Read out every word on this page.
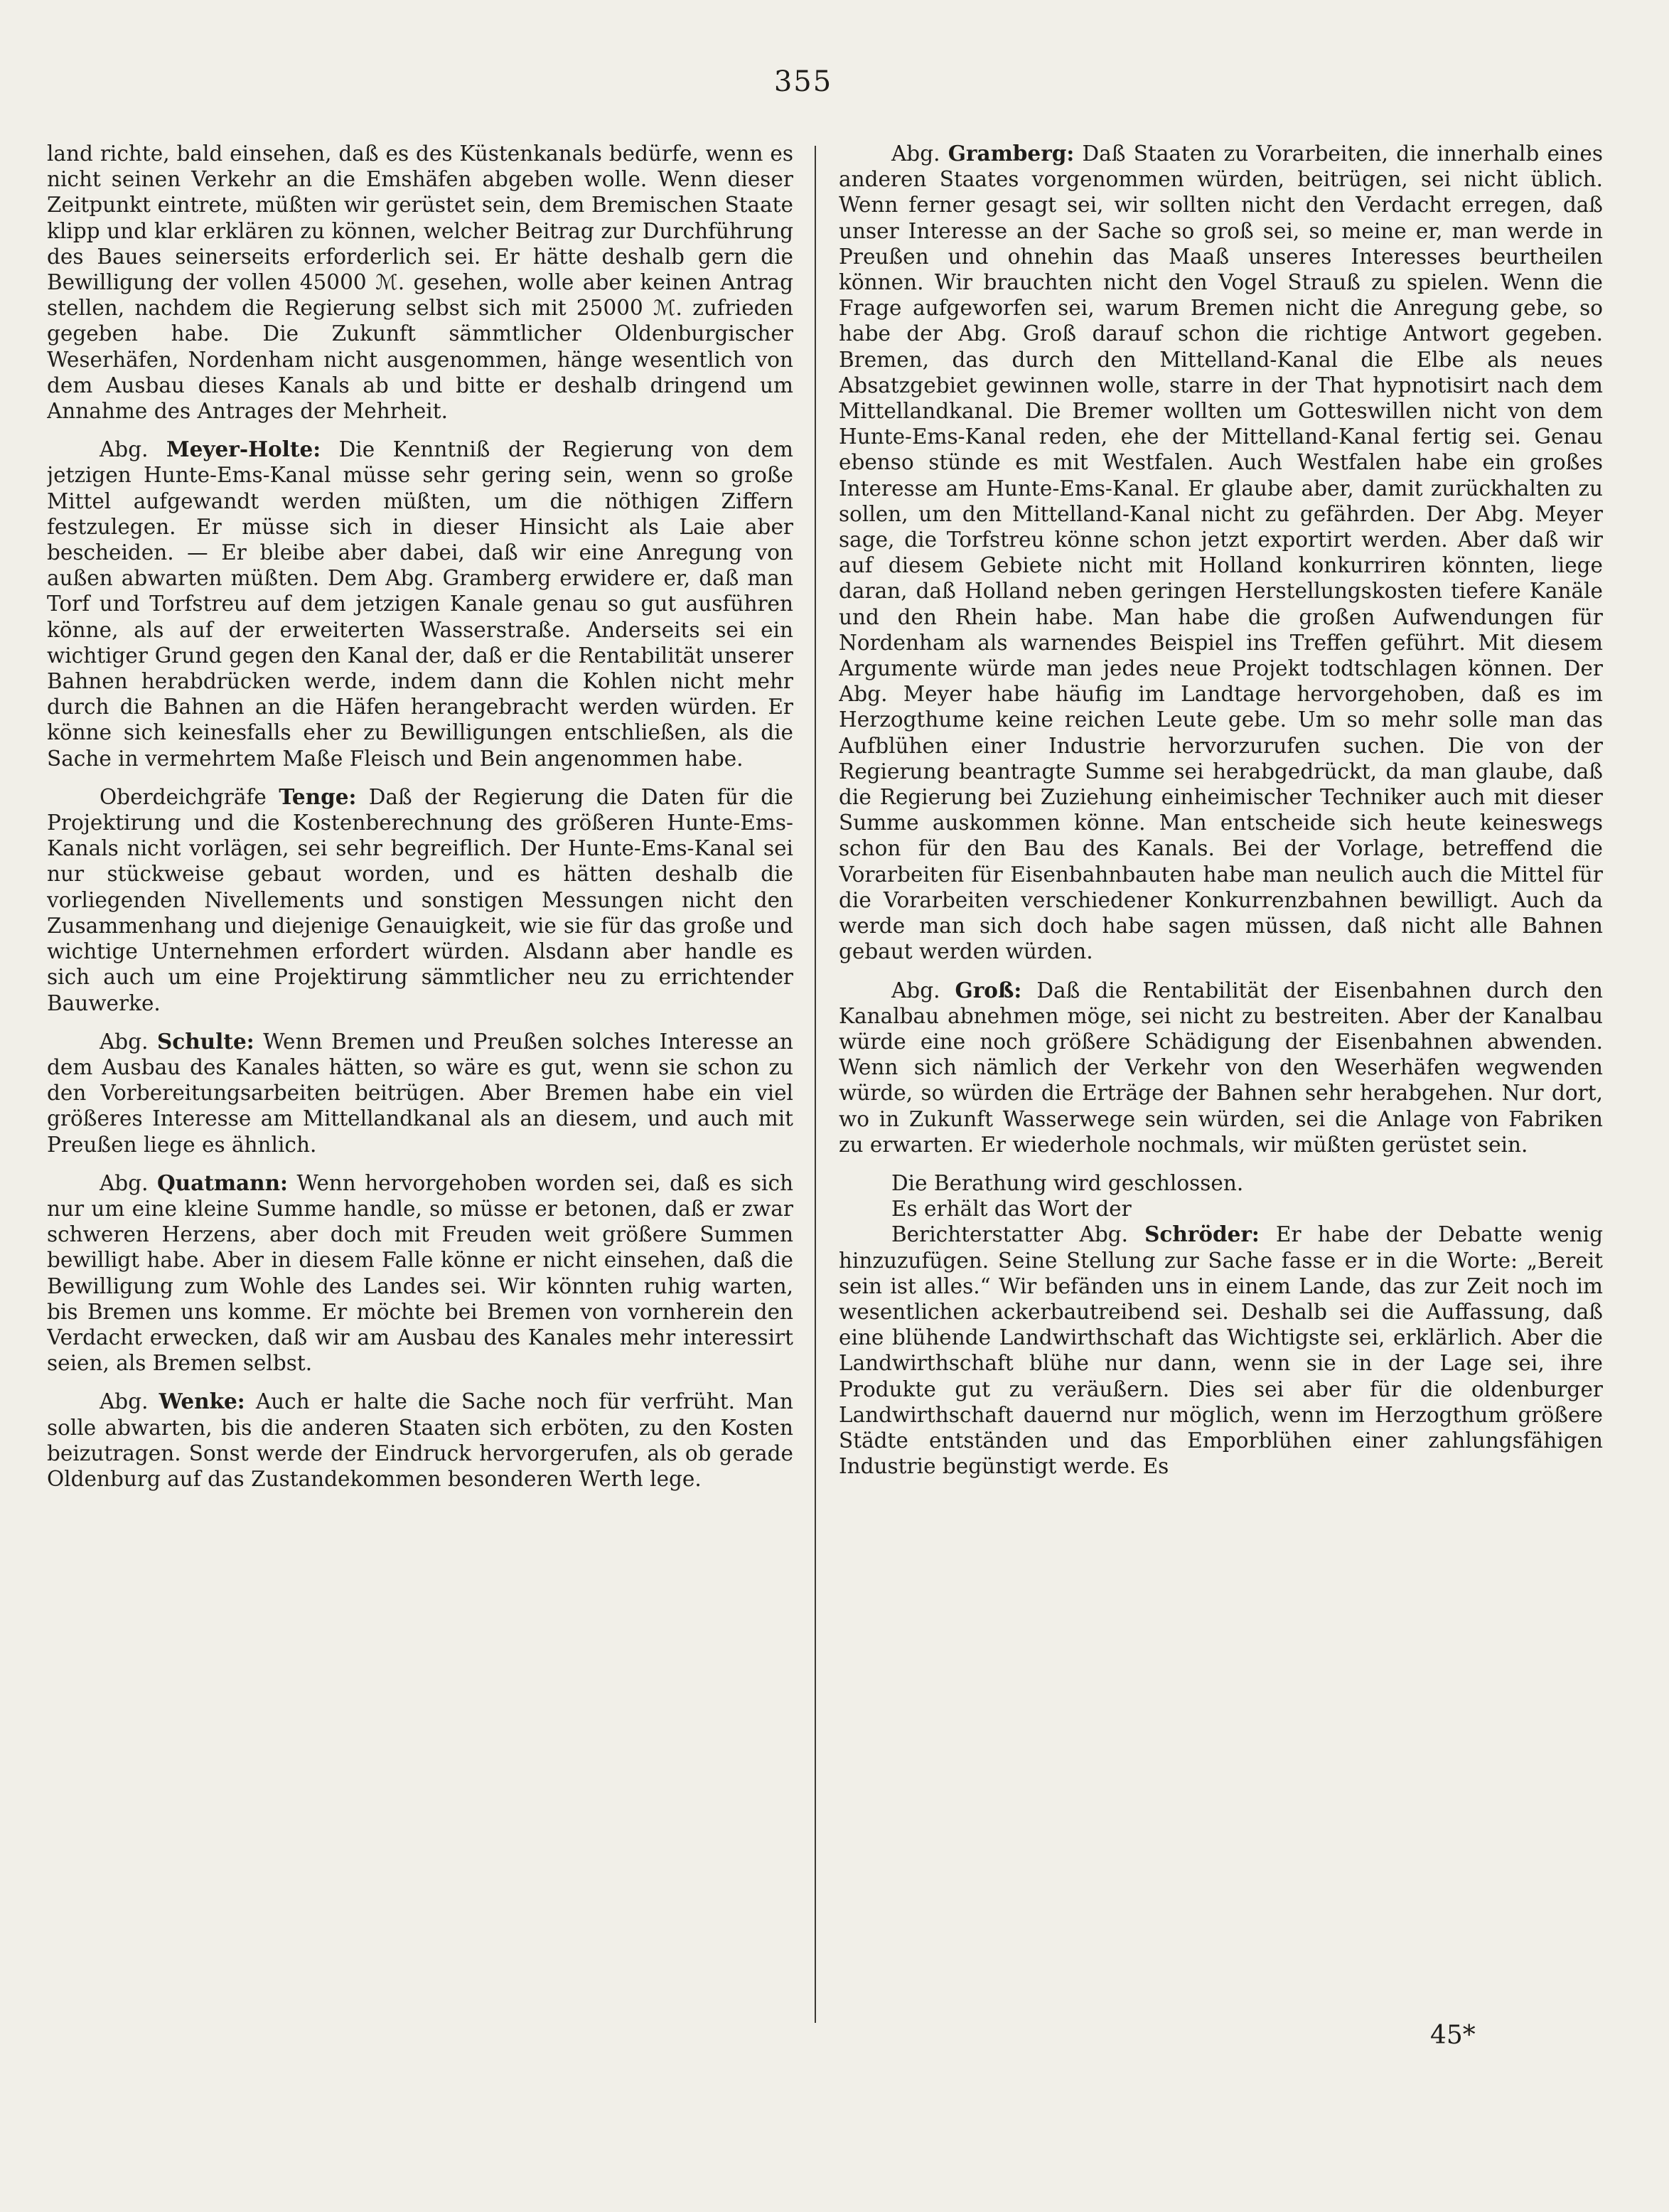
355

land richte, bald einsehen, daß es des Küstenkanals bedürfe, wenn es nicht seinen Verkehr an die Emshäfen abgeben wolle. Wenn dieser Zeitpunkt eintrete, müßten wir gerüstet sein, dem Bremischen Staate klipp und klar erklären zu können, welcher Beitrag zur Durchführung des Baues seinerseits erforderlich sei. Er hätte deshalb gern die Bewilligung der vollen 45000 ℳ. gesehen, wolle aber keinen Antrag stellen, nachdem die Regierung selbst sich mit 25000 ℳ. zufrieden gegeben habe. Die Zukunft sämmtlicher Oldenburgischer Weserhäfen, Nordenham nicht ausgenommen, hänge wesentlich von dem Ausbau dieses Kanals ab und bitte er deshalb dringend um Annahme des Antrages der Mehrheit.

Abg. Meyer-Holte: Die Kenntniß der Regierung von dem jetzigen Hunte-Ems-Kanal müsse sehr gering sein, wenn so große Mittel aufgewandt werden müßten, um die nöthigen Ziffern festzulegen. Er müsse sich in dieser Hinsicht als Laie aber bescheiden. — Er bleibe aber dabei, daß wir eine Anregung von außen abwarten müßten. Dem Abg. Gramberg erwidere er, daß man Torf und Torfstreu auf dem jetzigen Kanale genau so gut ausführen könne, als auf der erweiterten Wasserstraße. Anderseits sei ein wichtiger Grund gegen den Kanal der, daß er die Rentabilität unserer Bahnen herabdrücken werde, indem dann die Kohlen nicht mehr durch die Bahnen an die Häfen herangebracht werden würden. Er könne sich keinesfalls eher zu Bewilligungen entschließen, als die Sache in vermehrtem Maße Fleisch und Bein angenommen habe.

Oberdeichgräfe Tenge: Daß der Regierung die Daten für die Projektirung und die Kostenberechnung des größeren Hunte-Ems-Kanals nicht vorlägen, sei sehr begreiflich. Der Hunte-Ems-Kanal sei nur stückweise gebaut worden, und es hätten deshalb die vorliegenden Nivellements und sonstigen Messungen nicht den Zusammenhang und diejenige Genauigkeit, wie sie für das große und wichtige Unternehmen erfordert würden. Alsdann aber handle es sich auch um eine Projektirung sämmtlicher neu zu errichtender Bauwerke.

Abg. Schulte: Wenn Bremen und Preußen solches Interesse an dem Ausbau des Kanales hätten, so wäre es gut, wenn sie schon zu den Vorbereitungsarbeiten beitrügen. Aber Bremen habe ein viel größeres Interesse am Mittellandkanal als an diesem, und auch mit Preußen liege es ähnlich.

Abg. Quatmann: Wenn hervorgehoben worden sei, daß es sich nur um eine kleine Summe handle, so müsse er betonen, daß er zwar schweren Herzens, aber doch mit Freuden weit größere Summen bewilligt habe. Aber in diesem Falle könne er nicht einsehen, daß die Bewilligung zum Wohle des Landes sei. Wir könnten ruhig warten, bis Bremen uns komme. Er möchte bei Bremen von vornherein den Verdacht erwecken, daß wir am Ausbau des Kanales mehr interessirt seien, als Bremen selbst.

Abg. Wenke: Auch er halte die Sache noch für verfrüht. Man solle abwarten, bis die anderen Staaten sich erböten, zu den Kosten beizutragen. Sonst werde der Eindruck hervorgerufen, als ob gerade Oldenburg auf das Zustandekommen besonderen Werth lege.

Abg. Gramberg: Daß Staaten zu Vorarbeiten, die innerhalb eines anderen Staates vorgenommen würden, beitrügen, sei nicht üblich. Wenn ferner gesagt sei, wir sollten nicht den Verdacht erregen, daß unser Interesse an der Sache so groß sei, so meine er, man werde in Preußen und ohnehin das Maaß unseres Interesses beurtheilen können. Wir brauchten nicht den Vogel Strauß zu spielen. Wenn die Frage aufgeworfen sei, warum Bremen nicht die Anregung gebe, so habe der Abg. Groß darauf schon die richtige Antwort gegeben. Bremen, das durch den Mittelland-Kanal die Elbe als neues Absatzgebiet gewinnen wolle, starre in der That hypnotisirt nach dem Mittellandkanal. Die Bremer wollten um Gotteswillen nicht von dem Hunte-Ems-Kanal reden, ehe der Mittelland-Kanal fertig sei. Genau ebenso stünde es mit Westfalen. Auch Westfalen habe ein großes Interesse am Hunte-Ems-Kanal. Er glaube aber, damit zurückhalten zu sollen, um den Mittelland-Kanal nicht zu gefährden. Der Abg. Meyer sage, die Torfstreu könne schon jetzt exportirt werden. Aber daß wir auf diesem Gebiete nicht mit Holland konkurriren könnten, liege daran, daß Holland neben geringen Herstellungskosten tiefere Kanäle und den Rhein habe. Man habe die großen Aufwendungen für Nordenham als warnendes Beispiel ins Treffen geführt. Mit diesem Argumente würde man jedes neue Projekt todtschlagen können. Der Abg. Meyer habe häufig im Landtage hervorgehoben, daß es im Herzogthume keine reichen Leute gebe. Um so mehr solle man das Aufblühen einer Industrie hervorzurufen suchen. Die von der Regierung beantragte Summe sei herabgedrückt, da man glaube, daß die Regierung bei Zuziehung einheimischer Techniker auch mit dieser Summe auskommen könne. Man entscheide sich heute keineswegs schon für den Bau des Kanals. Bei der Vorlage, betreffend die Vorarbeiten für Eisenbahnbauten habe man neulich auch die Mittel für die Vorarbeiten verschiedener Konkurrenzbahnen bewilligt. Auch da werde man sich doch habe sagen müssen, daß nicht alle Bahnen gebaut werden würden.

Abg. Groß: Daß die Rentabilität der Eisenbahnen durch den Kanalbau abnehmen möge, sei nicht zu bestreiten. Aber der Kanalbau würde eine noch größere Schädigung der Eisenbahnen abwenden. Wenn sich nämlich der Verkehr von den Weserhäfen wegwenden würde, so würden die Erträge der Bahnen sehr herabgehen. Nur dort, wo in Zukunft Wasserwege sein würden, sei die Anlage von Fabriken zu erwarten. Er wiederhole nochmals, wir müßten gerüstet sein.

Die Berathung wird geschlossen.

Es erhält das Wort der

Berichterstatter Abg. Schröder: Er habe der Debatte wenig hinzuzufügen. Seine Stellung zur Sache fasse er in die Worte: „Bereit sein ist alles.“ Wir befänden uns in einem Lande, das zur Zeit noch im wesentlichen ackerbautreibend sei. Deshalb sei die Auffassung, daß eine blühende Landwirthschaft das Wichtigste sei, erklärlich. Aber die Landwirthschaft blühe nur dann, wenn sie in der Lage sei, ihre Produkte gut zu veräußern. Dies sei aber für die oldenburger Landwirthschaft dauernd nur möglich, wenn im Herzogthum größere Städte entständen und das Emporblühen einer zahlungsfähigen Industrie begünstigt werde. Es

45*
